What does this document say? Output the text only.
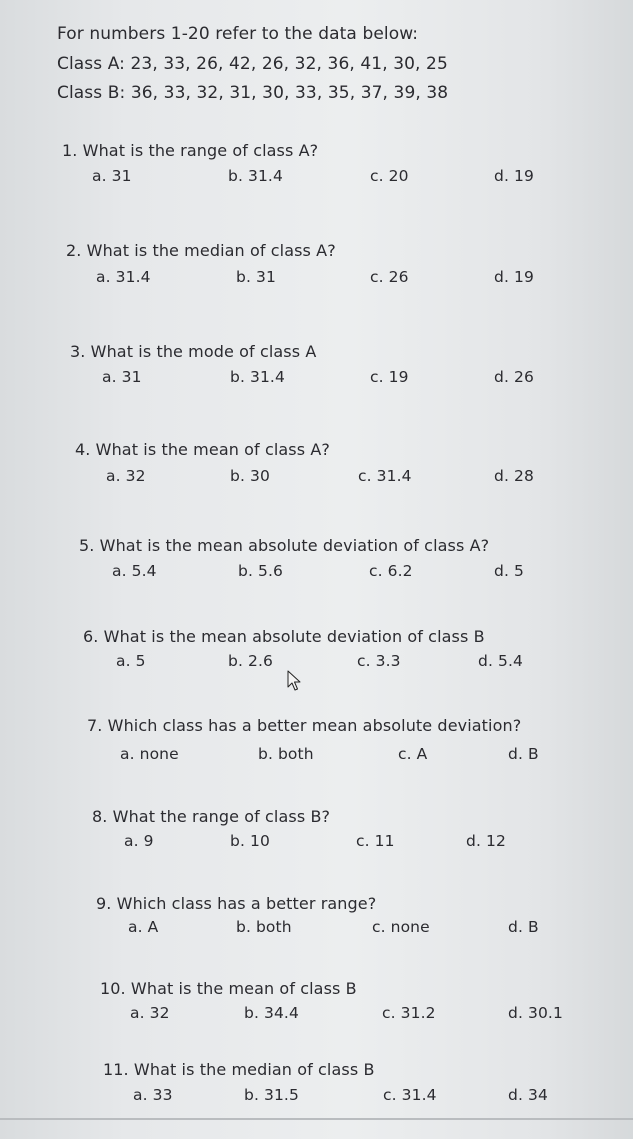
For numbers 1-20 refer to the data below:
Class A: 23, 33, 26, 42, 26, 32, 36, 41, 30, 25
Class B: 36, 33, 32, 31, 30, 33, 35, 37, 39, 38
1. What is the range of class A?
a. 31	b. 31.4	c. 20	d. 19
2. What is the median of class A?
a. 31.4	b. 31	c. 26	d. 19
3. What is the mode of class A
a. 31	b. 31.4	c. 19	d. 26
4. What is the mean of class A?
a. 32	b. 30	c. 31.4	d. 28
5. What is the mean absolute deviation of class A?
a. 5.4	b. 5.6	c. 6.2	d. 5
6. What is the mean absolute deviation of class B
a. 5	b. 2.6	c. 3.3	d. 5.4
7. Which class has a better mean absolute deviation?
a. none	b. both	c. A	d. B
8. What the range of class B?
a. 9	b. 10	c. 11	d. 12
9. Which class has a better range?
a. A	b. both	c. none	d. B
10. What is the mean of class B
a. 32	b. 34.4	c. 31.2	d. 30.1
11. What is the median of class B
a. 33	b. 31.5	c. 31.4	d. 34
